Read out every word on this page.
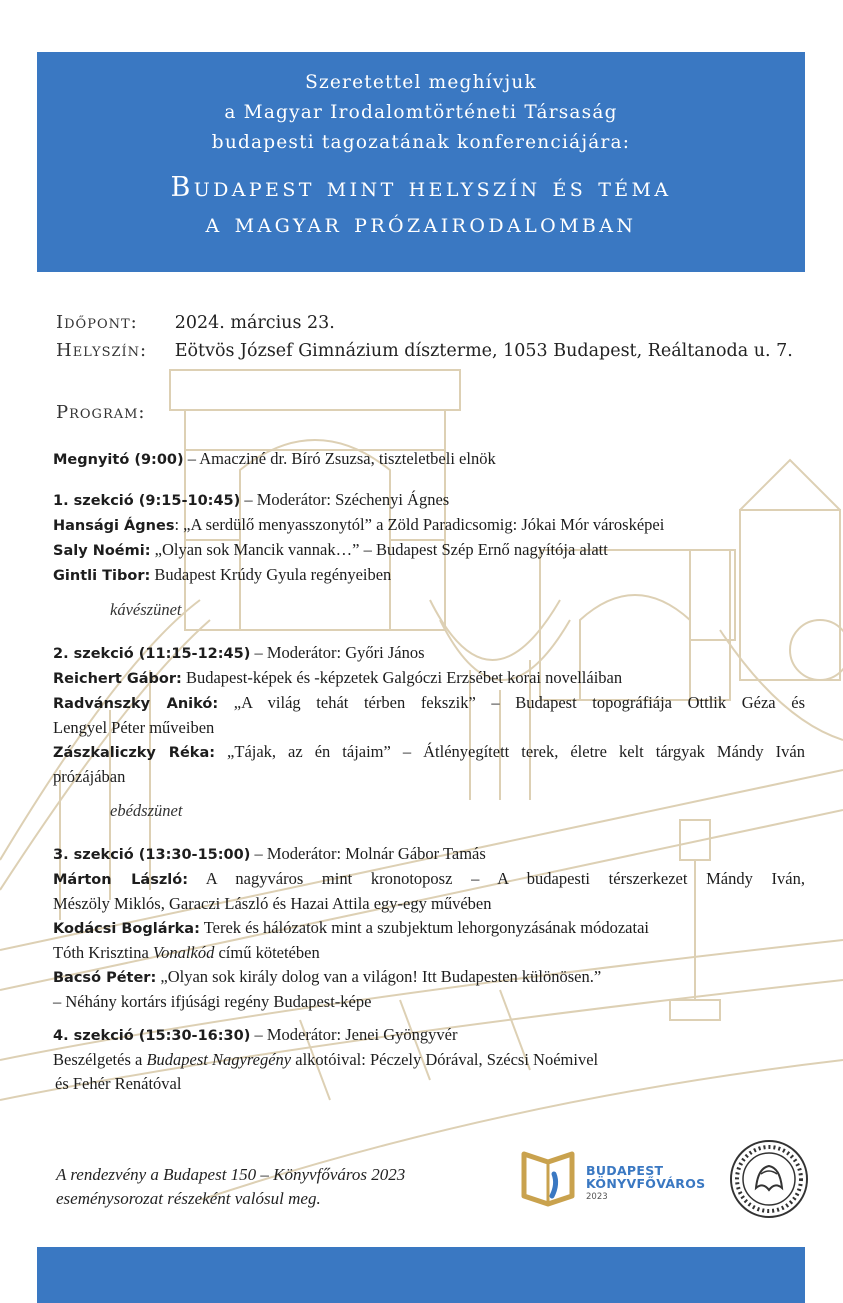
Szeretettel meghívjuk
a Magyar Irodalomtörténeti Társaság
budapesti tagozatának konferenciájára:
Budapest mint helyszín és téma
a magyar prózairodalomban
Időpont: 2024. március 23.
Helyszín: Eötvös József Gimnázium díszterme, 1053 Budapest, Reáltanoda u. 7.
Program:
Megnyitó (9:00) – Amacziné dr. Bíró Zsuzsa, tiszteletbeli elnök
1. szekció (9:15-10:45) – Moderátor: Széchenyi Ágnes
Hansági Ágnes: „A serdülő menyasszonytól” a Zöld Paradicsomig: Jókai Mór városképei
Saly Noémi: „Olyan sok Mancik vannak…” – Budapest Szép Ernő nagyítója alatt
Gintli Tibor: Budapest Krúdy Gyula regényeiben
kávészünet
2. szekció (11:15-12:45) – Moderátor: Győri János
Reichert Gábor: Budapest-képek és -képzetek Galgóczi Erzsébet korai novelláiban
Radvánszky Anikó: „A világ tehát térben fekszik” – Budapest topográfiája Ottlik Géza és
Lengyel Péter műveiben
Zászkaliczky Réka: „Tájak, az én tájaim” – Átlényegített terek, életre kelt tárgyak Mándy Iván
prózájában
ebédszünet
3. szekció (13:30-15:00) – Moderátor: Molnár Gábor Tamás
Márton László: A nagyváros mint kronotoposz – A budapesti térszerkezet Mándy Iván,
Mészöly Miklós, Garaczi László és Hazai Attila egy-egy művében
Kodácsi Boglárka: Terek és hálózatok mint a szubjektum lehorgonyzásának módozatai
Tóth Krisztina Vonalkód című kötetében
Bacsó Péter: „Olyan sok király dolog van a világon! Itt Budapesten különösen.”
– Néhány kortárs ifjúsági regény Budapest-képe
4. szekció (15:30-16:30) – Moderátor: Jenei Gyöngyvér
Beszélgetés a Budapest Nagyregény alkotóival: Péczely Dórával, Szécsi Noémivel
és Fehér Renátóval
A rendezvény a Budapest 150 – Könyvfőváros 2023
eseménysorozat részeként valósul meg.
BUDAPEST
KÖNYVFŐVÁROS
2023
